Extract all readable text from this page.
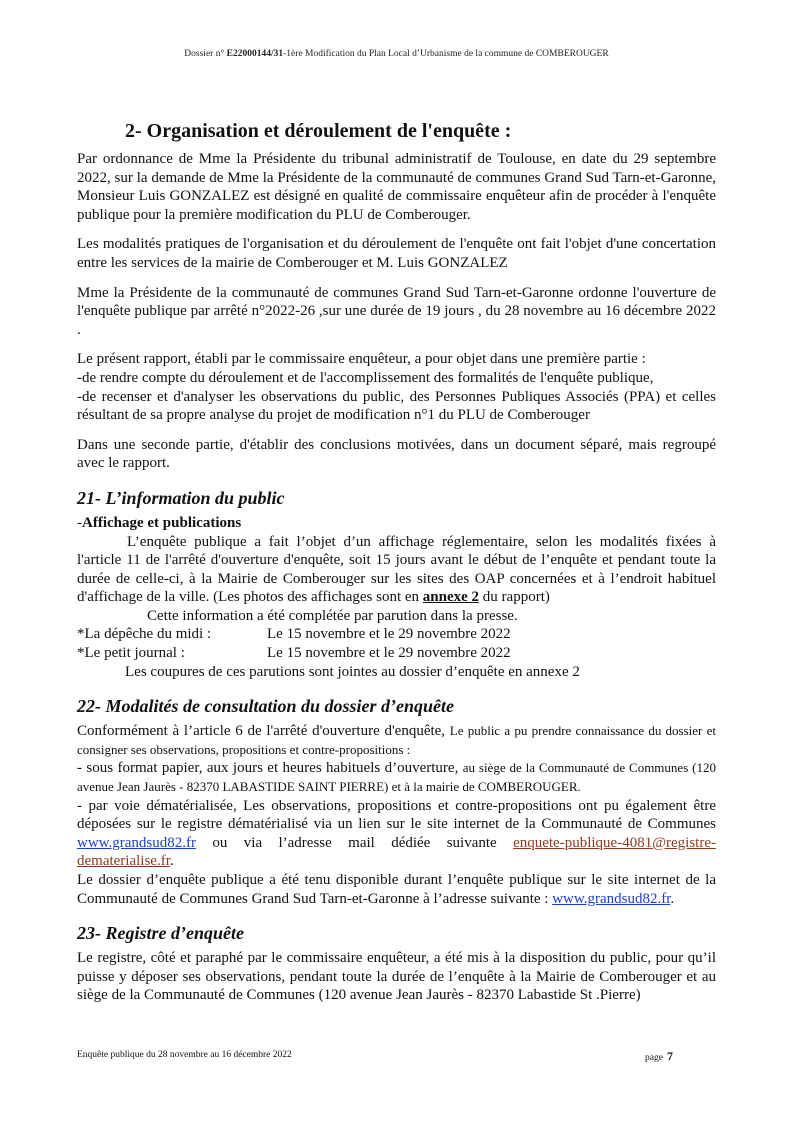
Dossier n° E22000144/31-1ère Modification du Plan Local d’Urbanisme de la commune de COMBEROUGER
2- Organisation et déroulement de l'enquête :

Par ordonnance de Mme la Présidente du tribunal administratif de Toulouse, en date du 29 septembre 2022, sur la demande de Mme la Présidente de la communauté de communes Grand Sud Tarn-et-Garonne, Monsieur Luis GONZALEZ est désigné en qualité de commissaire enquêteur afin de procéder à l'enquête publique pour la première modification du PLU de Comberouger.

Les modalités pratiques de l'organisation et du déroulement de l'enquête ont fait l'objet d'une concertation entre les services de la mairie de Comberouger et M. Luis GONZALEZ

Mme la Présidente de la communauté de communes Grand Sud Tarn-et-Garonne ordonne l'ouverture de l'enquête publique par arrêté n°2022-26 ,sur une durée de 19 jours , du 28 novembre au 16 décembre 2022 .

Le présent rapport, établi par le commissaire enquêteur, a pour objet dans une première partie :

-de rendre compte du déroulement et de l'accomplissement des formalités de l'enquête publique,

-de recenser et d'analyser les observations du public, des Personnes Publiques Associés (PPA) et celles résultant de sa propre analyse du projet de modification n°1 du PLU de Comberouger

Dans une seconde partie, d'établir des conclusions motivées, dans un document séparé, mais regroupé avec le rapport.

21- L’information du public

-Affichage et publications

L’enquête publique a fait l’objet d’un affichage réglementaire, selon les modalités fixées à l'article 11 de l'arrêté d'ouverture d'enquête, soit 15 jours avant le début de l’enquête et pendant toute la durée de celle-ci, à la Mairie de Comberouger sur les sites des OAP concernées et à l’endroit habituel d'affichage de la ville. (Les photos des affichages sont en annexe 2 du rapport)

Cette information a été complétée par parution dans la presse.

*La dépêche du midi :	Le 15 novembre et le 29 novembre 2022
*Le petit journal :	Le 15 novembre et le 29 novembre 2022

Les coupures de ces parutions sont jointes au dossier d’enquête en annexe 2

22- Modalités de consultation du dossier d’enquête

Conformément à l’article 6 de l'arrêté d'ouverture d'enquête, Le public a pu prendre connaissance du dossier et consigner ses observations, propositions et contre-propositions :

- sous format papier, aux jours et heures habituels d’ouverture, au siège de la Communauté de Communes (120 avenue Jean Jaurès - 82370 LABASTIDE SAINT PIERRE) et à la mairie de COMBEROUGER.

- par voie dématérialisée, Les observations, propositions et contre-propositions ont pu également être déposées sur le registre dématérialisé via un lien sur le site internet de la Communauté de Communes www.grandsud82.fr ou via l’adresse mail dédiée suivante enquete-publique-4081@registre-dematerialise.fr.

Le dossier d’enquête publique a été tenu disponible durant l’enquête publique sur le site internet de la Communauté de Communes Grand Sud Tarn-et-Garonne à l’adresse suivante : www.grandsud82.fr.

23- Registre d’enquête

Le registre, côté et paraphé par le commissaire enquêteur, a été mis à la disposition du public, pour qu’il puisse y déposer ses observations, pendant toute la durée de l’enquête à la Mairie de Comberouger et au siège de la Communauté de Communes (120 avenue Jean Jaurès - 82370 Labastide St .Pierre)

Enquête publique du 28 novembre au 16 décembre 2022	page 7
